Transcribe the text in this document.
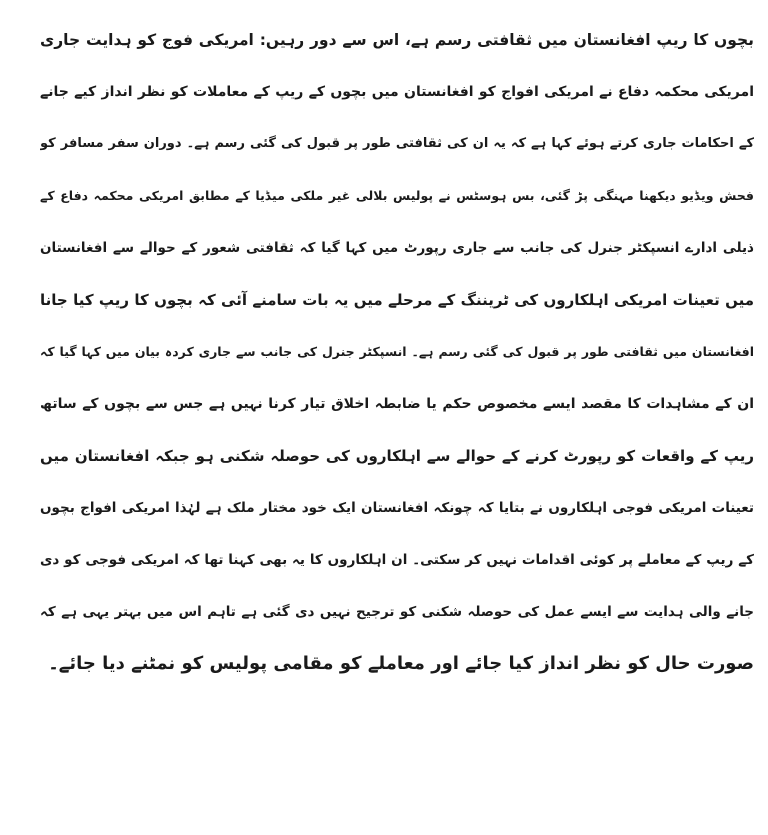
بچوں کا ریپ افغانستان میں ثقافتی رسم ہے، اس سے دور رہیں: امریکی فوج کو ہدایت جاری
امریکی محکمہ دفاع نے امریکی افواج کو افغانستان میں بچوں کے ریپ کے معاملات کو نظر انداز کیے جانے
کے احکامات جاری کرتے ہوئے کہا ہے کہ یہ ان کی ثقافتی طور پر قبول کی گئی رسم ہے۔ دوران سفر مسافر کو
فحش ویڈیو دیکھنا مہنگی پڑ گئی، بس ہوسٹس نے پولیس بلالی غیر ملکی میڈیا کے مطابق امریکی محکمہ دفاع کے
ذیلی ادارے انسپکٹر جنرل کی جانب سے جاری رپورٹ میں کہا گیا کہ ثقافتی شعور کے حوالے سے افغانستان
میں تعینات امریکی اہلکاروں کی ٹریننگ کے مرحلے میں یہ بات سامنے آئی کہ بچوں کا ریپ کیا جانا
افغانستان میں ثقافتی طور پر قبول کی گئی رسم ہے۔ انسپکٹر جنرل کی جانب سے جاری کردہ بیان میں کہا گیا کہ
ان کے مشاہدات کا مقصد ایسے مخصوص حکم یا ضابطہ اخلاق تیار کرنا نہیں ہے جس سے بچوں کے ساتھ
ریپ کے واقعات کو رپورٹ کرنے کے حوالے سے اہلکاروں کی حوصلہ شکنی ہو جبکہ افغانستان میں
تعینات امریکی فوجی اہلکاروں نے بتایا کہ چونکہ افغانستان ایک خود مختار ملک ہے لہٰذا امریکی افواج بچوں
کے ریپ کے معاملے پر کوئی اقدامات نہیں کر سکتی۔ ان اہلکاروں کا یہ بھی کہنا تھا کہ امریکی فوجی کو دی
جانے والی ہدایت سے ایسے عمل کی حوصلہ شکنی کو ترجیح نہیں دی گئی ہے تاہم اس میں بہتر یہی ہے کہ
صورت حال کو نظر انداز کیا جائے اور معاملے کو مقامی پولیس کو نمٹنے دیا جائے۔
